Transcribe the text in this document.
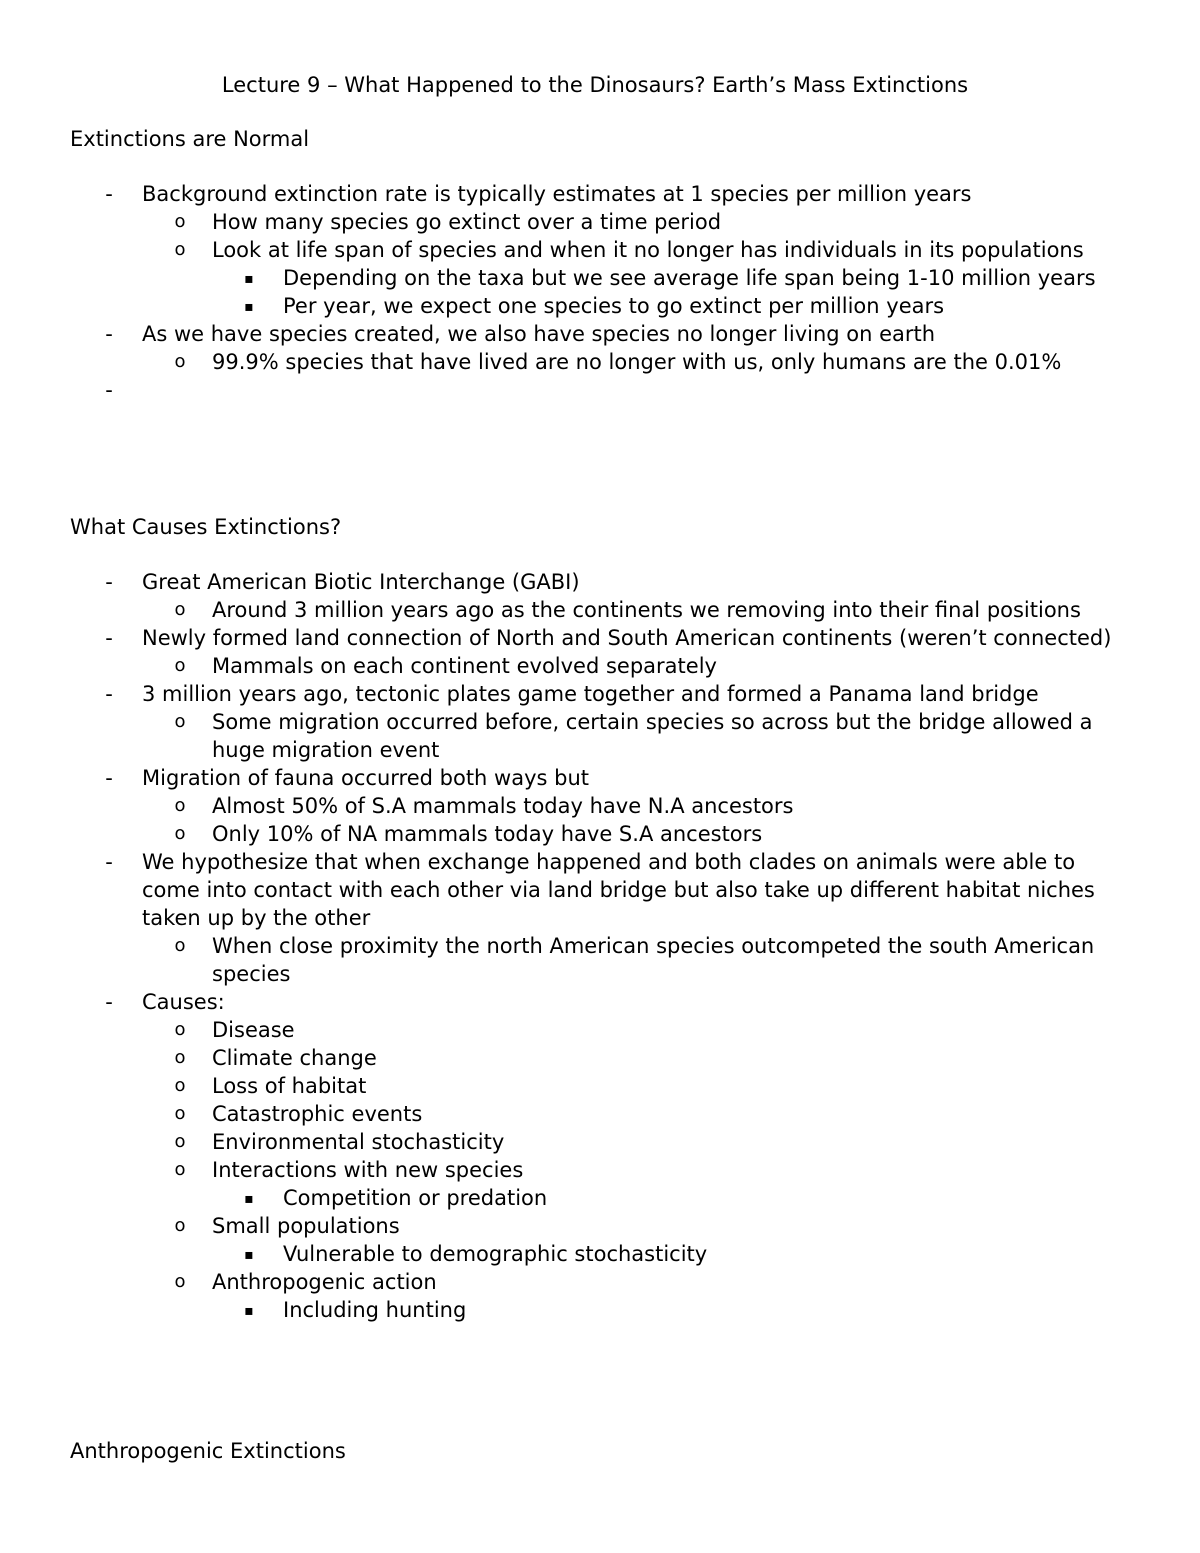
Lecture 9 – What Happened to the Dinosaurs? Earth’s Mass Extinctions
Extinctions are Normal
- Background extinction rate is typically estimates at 1 species per million years
o How many species go extinct over a time period
o Look at life span of species and when it no longer has individuals in its populations
▪ Depending on the taxa but we see average life span being 1-10 million years
▪ Per year, we expect one species to go extinct per million years
- As we have species created, we also have species no longer living on earth
o 99.9% species that have lived are no longer with us, only humans are the 0.01%
-

What Causes Extinctions?
- Great American Biotic Interchange (GABI)
o Around 3 million years ago as the continents we removing into their final positions
- Newly formed land connection of North and South American continents (weren’t connected)
o Mammals on each continent evolved separately
- 3 million years ago, tectonic plates game together and formed a Panama land bridge
o Some migration occurred before, certain species so across but the bridge allowed a huge migration event
- Migration of fauna occurred both ways but
o Almost 50% of S.A mammals today have N.A ancestors
o Only 10% of NA mammals today have S.A ancestors
- We hypothesize that when exchange happened and both clades on animals were able to come into contact with each other via land bridge but also take up different habitat niches taken up by the other
o When close proximity the north American species outcompeted the south American species
- Causes:
o Disease
o Climate change
o Loss of habitat
o Catastrophic events
o Environmental stochasticity
o Interactions with new species
▪ Competition or predation
o Small populations
▪ Vulnerable to demographic stochasticity
o Anthropogenic action
▪ Including hunting
Anthropogenic Extinctions
